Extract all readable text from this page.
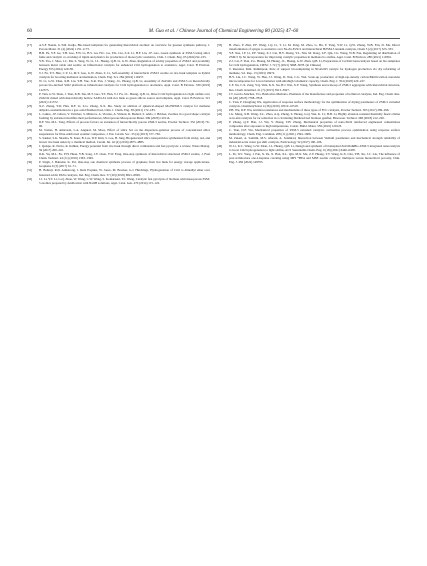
60	M. Guo et al. / Chinese Journal of Chemical Engineering 80 (2025) 47–60

[17] A.S.F. Nanda, G.T.M. Kadja, Bio-based templates for generating hierarchical zeolites: an overview for greener synthesis pathway, J. Porous Mater. 31 (4) (2024) 1155–1173.

[18] H.B. Pu, Y.F. Ge, T.H. Gao, F.W. Li, H.S. Gu, H.C. Ge, Y.K. Liu, Z.X. Li, H.F. Lin, J.F. Gao, Green synthesis of ZSM-5 using silica fume and catalytic co-cracking of lignin and plastics for production of monocyclic aromatics, Chin. J. Chem. Eng. 65 (2024) 92–105.

[19] Y.N. Yao, J. Shao, J.C. Ma, S. Yang, W. Li, J.L. Huang, Q.B. Li, G.W. Zhan, Regulation of acidity properties of ZSM-5 and proximity between metal oxide and zeolite on bifunctional catalysts for enhanced CO2 hydrogenation to aromatics, Appl. Catal. B Environ. Energy 355 (2024) 124158.

[20] T.J. Fu, Y.T. Han, C.Y. Li, M.T. Guo, G.W. Zhan, Z. Li, Self-assembly of hierarchical ZSM-5 zeolite on rice husk template as hybrid catalysts for boosting methanol aromatization, Chem. Eng. Sci. 284 (2024) 119457.

[21] W. Li, G.W. Zhan, X.B. Liu, Y.H. Yue, X.R. Yan, J. Wang, J.L. Huang, Q.B. Li, Assembly of ZnZrOx and ZSM-5 on hierarchically porous bio-derived SiO2 platform as bifunctional catalysts for CO2 hydrogenation to aromatics, Appl. Catal. B Environ. 330 (2023) 122575.

[22] P. Tian, G.W. Zhan, J. Tian, K.B. Tan, M.T. Guo, Y.T. Han, T.J. Fu, J.L. Huang, Q.B. Li, Direct CO2 hydrogenation to light olefins over ZnZrOx mixed with hierarchically hollow SAPO-34 with rice husk as green silicon source and template, Appl. Catal. B Environ. 315 (2022) 121572.

[23] X.Z. Zhang, Y.D. Han, D.F. Li, Z.G. Zhang, X.X. Ma, Study on attrition of spherical-shaped Mo/HZSM-5 catalyst for methane dehydro-aromatization in a gas–solid fluidized bed, Chin. J. Chem. Eng. 38 (2021) 172–183.

[24] L. Lakiss, J.P. Gilson, V. Valtchev, S. Mintova, A. Vicente, A. Vimont, R. Bedard, S. Abdo, J. Bricker, Zeolites in a good shape: catalyst forming by extrusion modifies their performances, Microporous Mesoporous Mater. 299 (2020) 110114.

[25] D.F. Wu, M.L. Tang, Effects of process factors on extrusion of hierarchically porous ZSM-5 zeolite, Powder Technol. 352 (2019) 79–90.

[26] M. Tomas, H. Amaveda, L.A. Angurel, M. Mora, Effect of silica Sol on the dispersion–gelation process of concentrated silica suspensions for fibre-reinforced ceramic composites, J. Eur. Ceram. Soc. 33 (4) (2013) 727–736.

[27] S. Sankar, S.K. Sharma, N. Kaur, B. Lee, D.Y. Kim, S. Lee, H. Jung, Biogenerated silica nanoparticles synthesized from sticky, red, and brown rice husk ashes by a chemical method, Ceram. Int. 42 (4) (2016) 4875–4885.

[28] J. Quispe, R. Navia, R. Kahhat, Energy potential from rice husk through direct combustion and fast pyrolysis: a review, Waste Manag. 59 (2017) 200–210.

[29] D.K. Yu, M.L. Fu, Y.H. Huan, Y.B. Song, J.Y. Chen, Y.W. Fang, One-step synthesis of hierarchical structured ZSM-5 zeolite, J. Fuel Chem. Technol. 44 (11) (2016) 1363–1369.

[30] P. Singh, J. Bahadur, K. Pal, One-step one chemical synthesis process of graphene from rice husk for energy storage applications, Graphene 6 (3) (2017) 61–71.

[31] H. Bahruji, R.D. Armstrong, J. Ruiz Esquius, W. Jones, M. Bowker, G.J. Hutchings, Hydrogenation of CO2 to dimethyl ether over brønsted acidic PdZn catalysts, Ind. Eng. Chem. Res. 57 (20) (2018) 6821–6829.

[32] J.J. Li, Y.T. Li, G.Q. Zhou, W. Wang, C.W. Wang, S. Komarneni, Y.J. Wang, Catalytic fast pyrolysis of biomass with mesoporous ZSM-5 zeolites prepared by desilication with NaOH solutions, Appl. Catal. Gen. 470 (2014) 115–122.

[33] B. Zhao, P. Zhai, P.F. Wang, J.Q. Li, T. Li, M. Peng, M. Zhao, G. Hu, Y. Yang, Y.W. Li, Q.W. Zhang, W.B. Fan, D. Ma, Direct transformation of syngas to aromatics over Na-Zn-Fe5C2 and hierarchical HZSM-5 tandem catalysts, Chem 3 (2) (2017) 323–333.

[34] Y.F. Xue, J.F. Li, P.F. Wang, X.J. Cui, H.Y. Zheng, Y.L. Niu, M. Dong, Z.F. Qin, J.G. Wang, W.B. Fan, Regulating Al distribution of ZSM-5 by Sn incorporation for improving catalytic properties in methanol to olefins, Appl. Catal. B Environ. 280 (2021) 119391.

[35] Z.J. Cai, F. Tian, Z.L. Huang, M. Huang, J.L. Huang, G.W. Zhan, Q.B. Li, Preparation of Cu/ZnO nanocatalysts based on bio-templates for CO2 hydrogenation, CIESC J. 72 (7) (2021) 3668–3678. (in Chinese)

[36] T. Reestani, M.R. Rahimpour, Role of support bio-templating in Ni/Al2O3 catalyst for hydrogen production via dry reforming of methane, Sci. Rep. 13 (2023) 16972.

[37] H.Y. Liu, J.C. Wang, W. Hua, J.J. Wang, D. Nan, C.G. Wei, Scale-up production of high-tap-density carbon/MnOx/carbon nanotube microcomposites for Li-ion batteries with ultrahigh volumetric capacity, Chem. Eng. J. 354 (2018) 220–227.

[38] C.F. Jin, C.X. Zeng, Y.Q. Wen, K.X. Xu, H.J. Wei, X.Y. Wang, Synthesis and scale-up of ZSM-5 aggregates with hierarchical structure, Res. Chem. Intermed. 41 (7) (2015) 3913–3927.

[39] J.T. García-Sánchez, V.G. Baldovino-Medrano, Elements of the manufacture and properties of technical catalysts, Ind. Eng. Chem. Res. 62 (20) (2023) 7768–7818.

[40] C. Tian, P. Dongfang Wu, Application of response surface methodology for the optimization of drying parameters of ZSM-5 extruded catalysts, ChemistrySelect 4 (36) (2019) 10510–10518.

[41] P.H. Wu, D.F. Wu, Attrition resistances and mechanisms of three types of FCC catalysts, Powder Technol. 305 (2017) 289–296.

[42] J.G. Meng, X.B. Wang, Z.L. Zhao, A.Q. Zheng, Z. Huang, G.Q. Wei, K. Lv, H.B. Li, Highly abrasion resistant thermally fused olivine as in-situ catalysts for tar reduction in a circulating fluidized bed biomass gasifier, Bioresour. Technol. 268 (2018) 212–220.

[43] P. Zhang, Q.Y. Han, J.J. Wu, Y. Zhang, T.H. Zhang, Mechanical properties of nano-SiO2 reinforced engineered cementitious composites after exposure to high temperatures, Constr. Build. Mater. 356 (2022) 129123.

[44] C. Tian, D.F. Wu, Mechanical properties of ZSM-5 extruded catalysts: calcination process optimization using response surface methodology, Chem. Eng. Commun. 208 (11) (2021) 1594–1606.

[45] M. Zakeri, A. Samimi, M.S. Afarani, A. Salehirad, Interaction between Weibull parameters and mechanical strength reliability of industrial-scale water gas shift catalysts, Particuology 32 (2017) 160–166.

[46] W. Li, K.C. Wang, G.W. Zhan, J.L. Huang, Q.B. Li, Design and synthesis of bioinspired ZnZrOx&Bio-ZSM-5 integrated nanocatalysts to boost CO2 hydrogenation to light olefins, ACS Sustainable Chem. Eng. 9 (18) (2021) 6446–6458.

[47] L. Ye, W.J. Yang, J. Fan, X. Pu, X. Han, X.L. Qin, M.X. Ma, Z.Y. Huang, T.T. Wang, K.X. Chu, Y.H. Xu, J.C. Liu, The influence of post-architecture one-z-heptane cracking using MFI *BEA and MSE zeolite catalysts: multipore versus hierarchical porosity, Chin. Eng. J. 482 (2024) 148705.
